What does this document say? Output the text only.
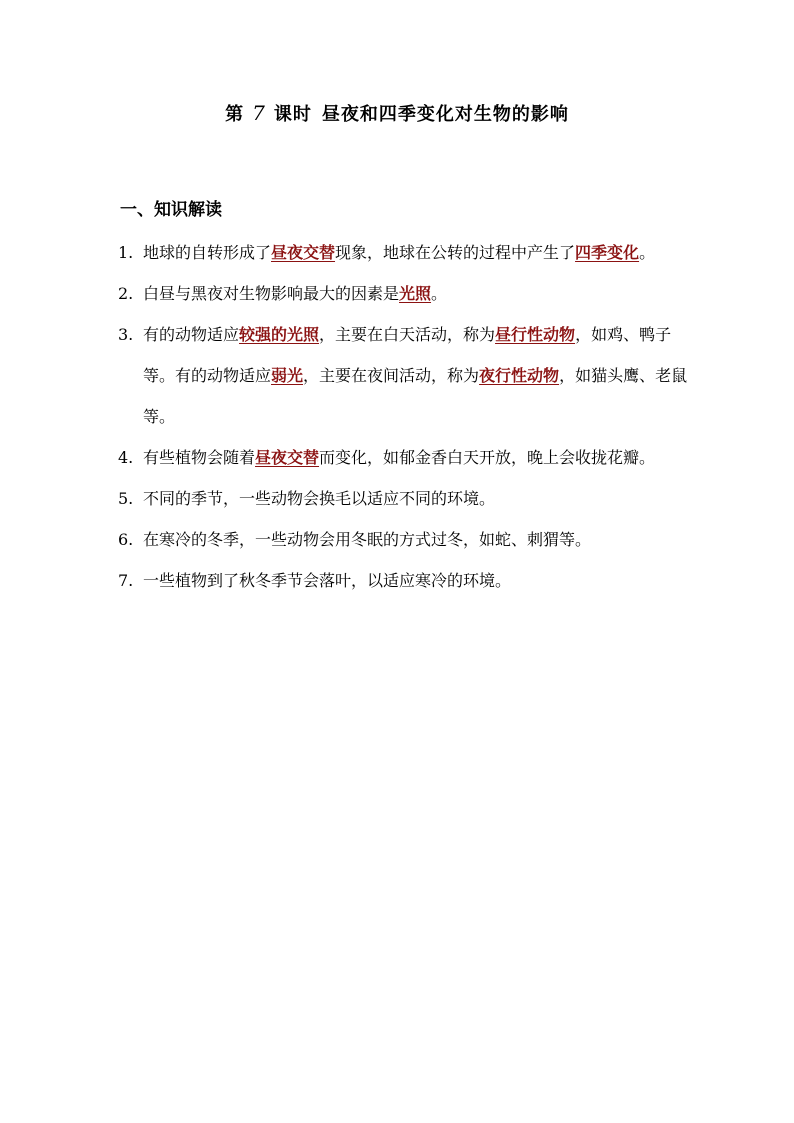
第 7 课时 昼夜和四季变化对生物的影响
一、知识解读
1. 地球的自转形成了昼夜交替现象，地球在公转的过程中产生了四季变化。
2. 白昼与黑夜对生物影响最大的因素是光照。
3. 有的动物适应较强的光照，主要在白天活动，称为昼行性动物，如鸡、鸭子等。有的动物适应弱光，主要在夜间活动，称为夜行性动物，如猫头鹰、老鼠等。
4. 有些植物会随着昼夜交替而变化，如郁金香白天开放，晚上会收拢花瓣。
5. 不同的季节，一些动物会换毛以适应不同的环境。
6. 在寒冷的冬季，一些动物会用冬眠的方式过冬，如蛇、刺猬等。
7. 一些植物到了秋冬季节会落叶，以适应寒冷的环境。
